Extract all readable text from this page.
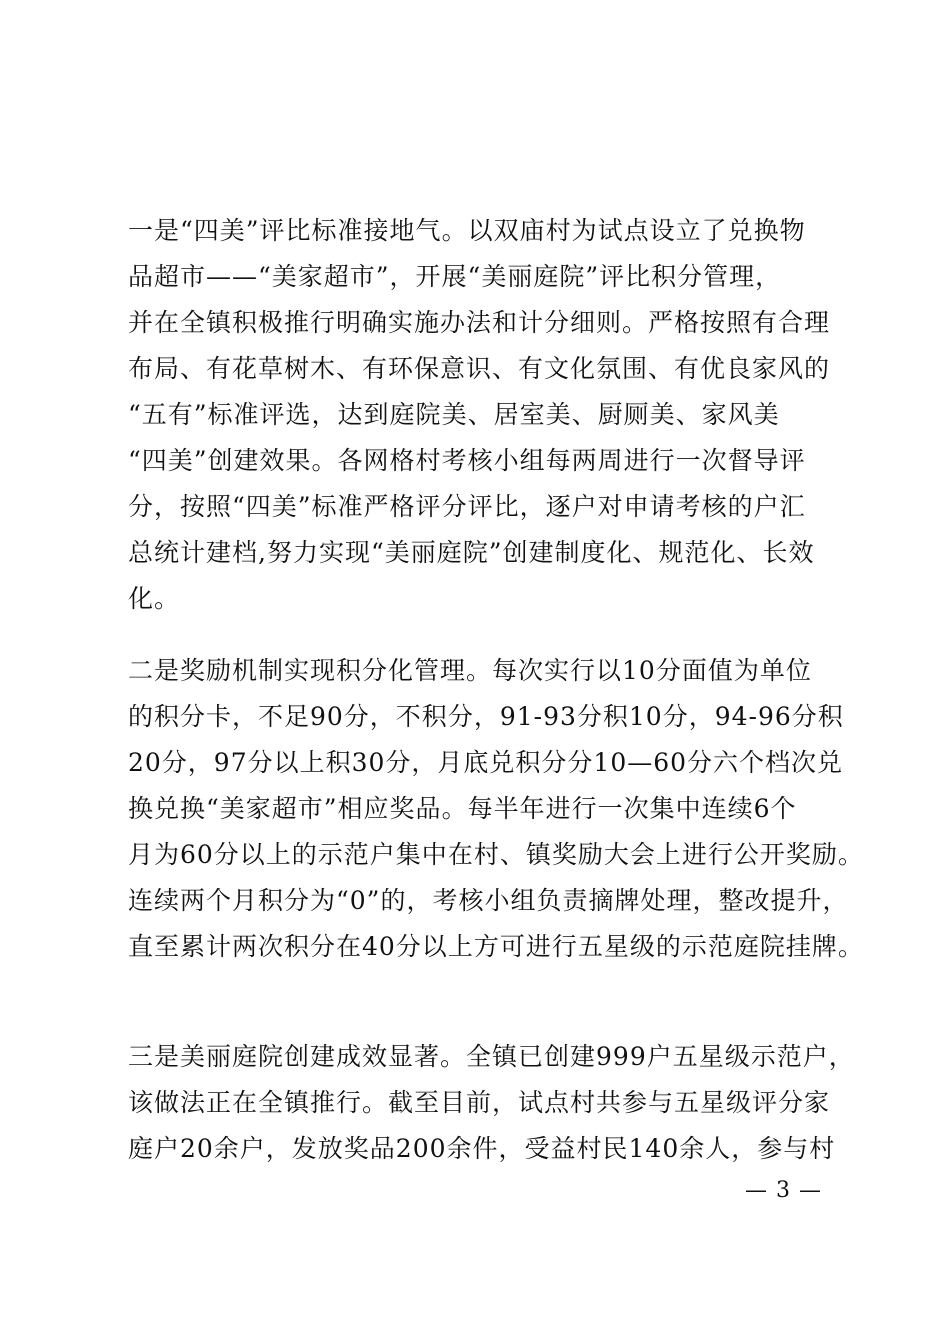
一是“四美”评比标准接地气。以双庙村为试点设立了兑换物
品超市——“美家超市”，开展“美丽庭院”评比积分管理，
并在全镇积极推行明确实施办法和计分细则。严格按照有合理
布局、有花草树木、有环保意识、有文化氛围、有优良家风的
“五有”标准评选，达到庭院美、居室美、厨厕美、家风美
“四美”创建效果。各网格村考核小组每两周进行一次督导评
分，按照“四美”标准严格评分评比，逐户对申请考核的户汇
总统计建档,努力实现“美丽庭院”创建制度化、规范化、长效
化。
二是奖励机制实现积分化管理。每次实行以10分面值为单位
的积分卡，不足90分，不积分，91-93分积10分，94-96分积
20分，97分以上积30分，月底兑积分分10—60分六个档次兑
换兑换“美家超市”相应奖品。每半年进行一次集中连续6个
月为60分以上的示范户集中在村、镇奖励大会上进行公开奖励。
连续两个月积分为“0”的，考核小组负责摘牌处理，整改提升，
直至累计两次积分在40分以上方可进行五星级的示范庭院挂牌。
三是美丽庭院创建成效显著。全镇已创建999户五星级示范户，
该做法正在全镇推行。截至目前，试点村共参与五星级评分家
庭户20余户，发放奖品200余件，受益村民140余人，参与村
— 3 —
